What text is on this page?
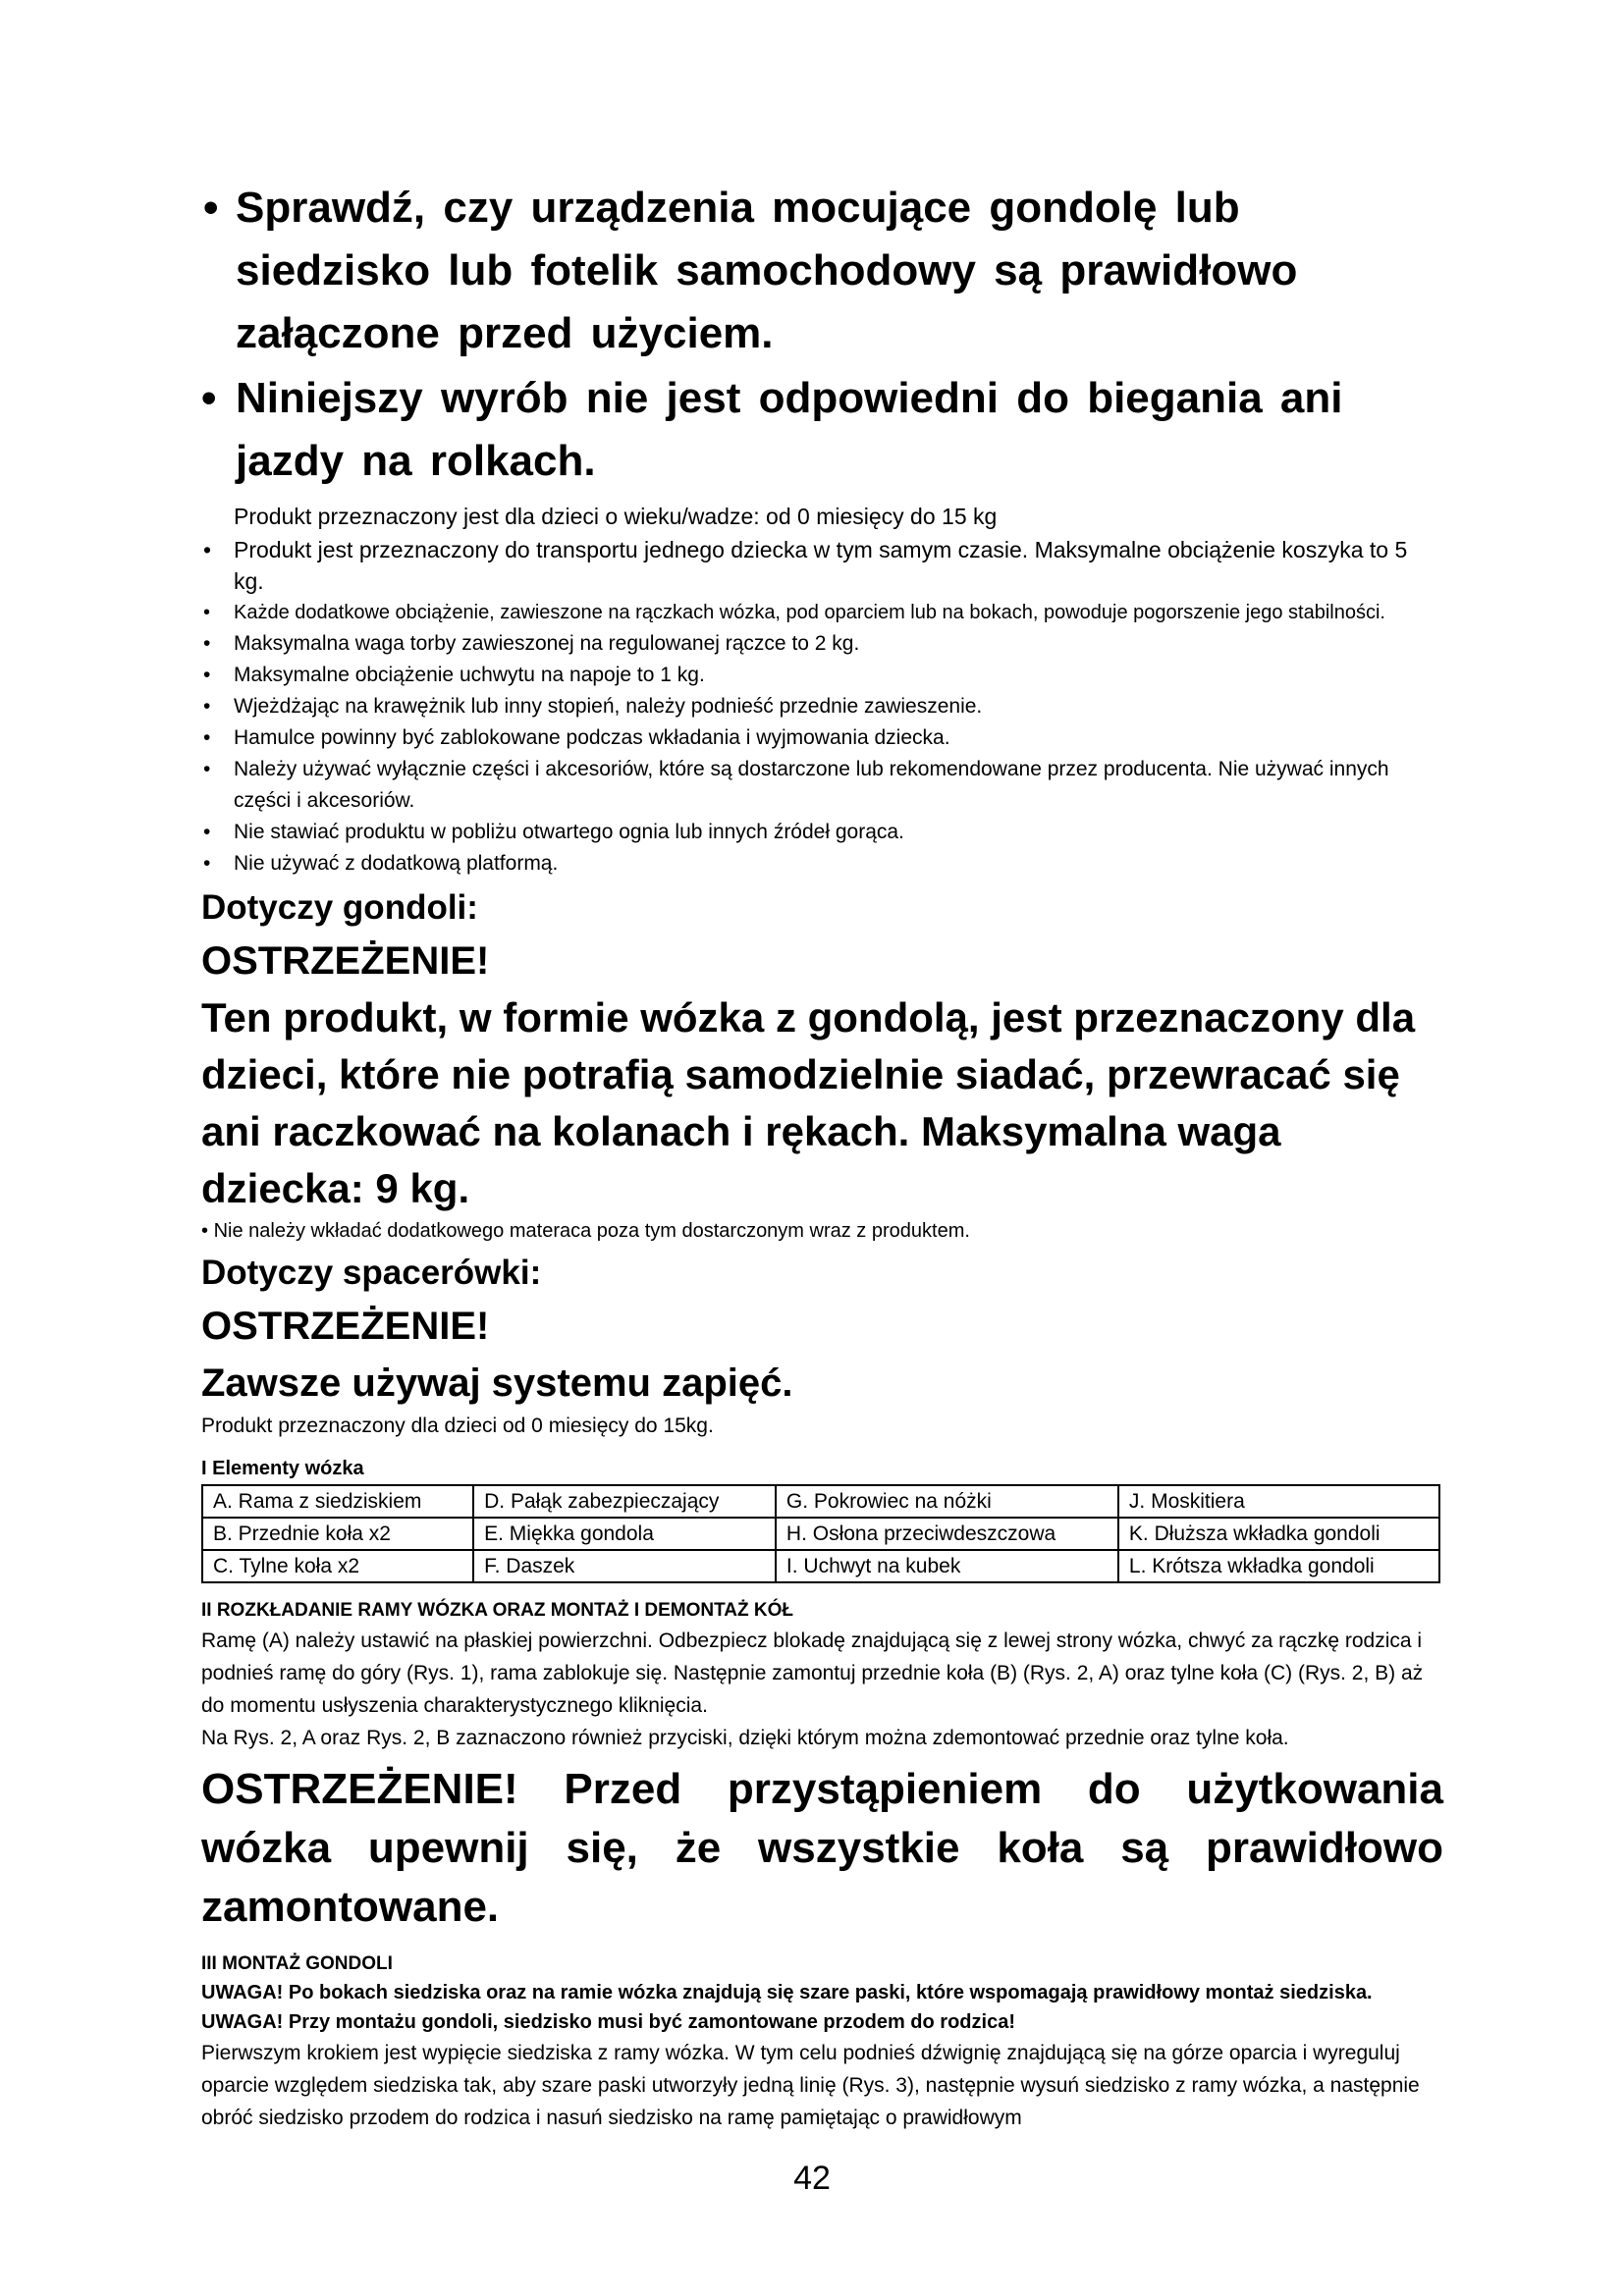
• Sprawdź, czy urządzenia mocujące gondolę lub siedzisko lub fotelik samochodowy są prawidłowo załączone przed użyciem.
• Niniejszy wyrób nie jest odpowiedni do biegania ani jazdy na rolkach.
Produkt przeznaczony jest dla dzieci o wieku/wadze: od 0 miesięcy do 15 kg
• Produkt jest przeznaczony do transportu jednego dziecka w tym samym czasie. Maksymalne obciążenie koszyka to 5 kg.
• Każde dodatkowe obciążenie, zawieszone na rączkach wózka, pod oparciem lub na bokach, powoduje pogorszenie jego stabilności.
• Maksymalna waga torby zawieszonej na regulowanej rączce to 2 kg.
• Maksymalne obciążenie uchwytu na napoje to 1 kg.
• Wjeżdżając na krawężnik lub inny stopień, należy podnieść przednie zawieszenie.
• Hamulce powinny być zablokowane podczas wkładania i wyjmowania dziecka.
• Należy używać wyłącznie części i akcesoriów, które są dostarczone lub rekomendowane przez producenta. Nie używać innych części i akcesoriów.
• Nie stawiać produktu w pobliżu otwartego ognia lub innych źródeł gorąca.
• Nie używać z dodatkową platformą.
Dotyczy gondoli:
OSTRZEŻENIE!
Ten produkt, w formie wózka z gondolą, jest przeznaczony dla dzieci, które nie potrafią samodzielnie siadać, przewracać się ani raczkować na kolanach i rękach. Maksymalna waga dziecka: 9 kg.
• Nie należy wkładać dodatkowego materaca poza tym dostarczonym wraz z produktem.
Dotyczy spacerówki:
OSTRZEŻENIE!
Zawsze używaj systemu zapięć.
Produkt przeznaczony dla dzieci od 0 miesięcy do 15kg.
I Elementy wózka
A. Rama z siedziskiem	D. Pałąk zabezpieczający	G. Pokrowiec na nóżki	J. Moskitiera
B. Przednie koła x2	E. Miękka gondola	H. Osłona przeciwdeszczowa	K. Dłuższa wkładka gondoli
C. Tylne koła x2	F. Daszek	I. Uchwyt na kubek	L. Krótsza wkładka gondoli
II ROZKŁADANIE RAMY WÓZKA ORAZ MONTAŻ I DEMONTAŻ KÓŁ
Ramę (A) należy ustawić na płaskiej powierzchni. Odbezpiecz blokadę znajdującą się z lewej strony wózka, chwyć za rączkę rodzica i podnieś ramę do góry (Rys. 1), rama zablokuje się. Następnie zamontuj przednie koła (B) (Rys. 2, A) oraz tylne koła (C) (Rys. 2, B) aż do momentu usłyszenia charakterystycznego kliknięcia.
Na Rys. 2, A oraz Rys. 2, B zaznaczono również przyciski, dzięki którym można zdemontować przednie oraz tylne koła.
OSTRZEŻENIE! Przed przystąpieniem do użytkowania wózka upewnij się, że wszystkie koła są prawidłowo zamontowane.
III MONTAŻ GONDOLI
UWAGA! Po bokach siedziska oraz na ramie wózka znajdują się szare paski, które wspomagają prawidłowy montaż siedziska.
UWAGA! Przy montażu gondoli, siedzisko musi być zamontowane przodem do rodzica!
Pierwszym krokiem jest wypięcie siedziska z ramy wózka. W tym celu podnieś dźwignię znajdującą się na górze oparcia i wyreguluj oparcie względem siedziska tak, aby szare paski utworzyły jedną linię (Rys. 3), następnie wysuń siedzisko z ramy wózka, a następnie obróć siedzisko przodem do rodzica i nasuń siedzisko na ramę pamiętając o prawidłowym
42
